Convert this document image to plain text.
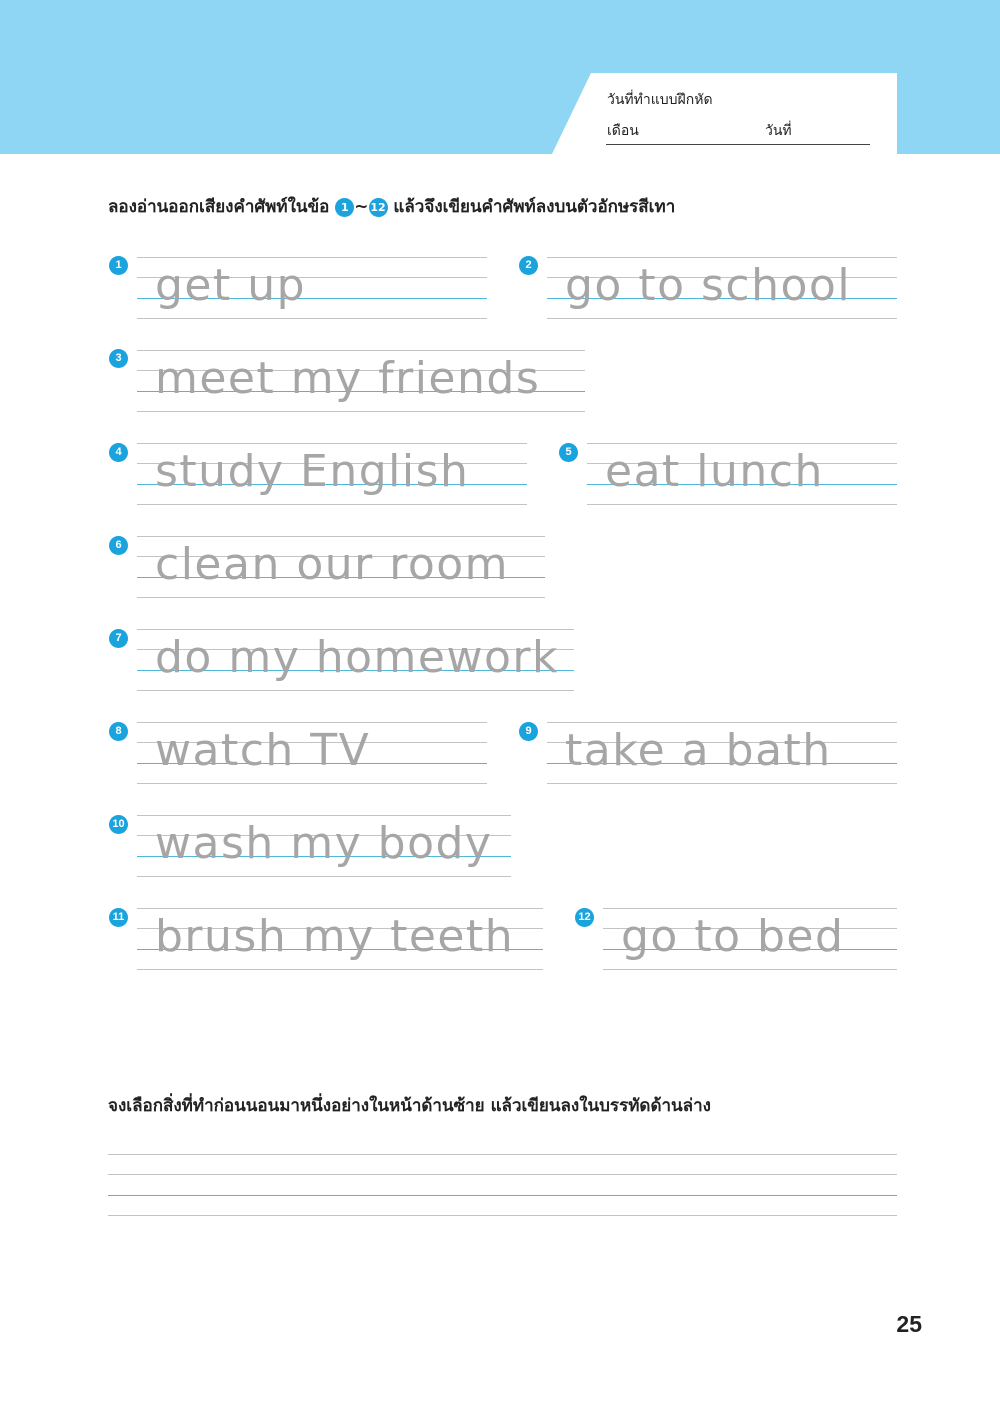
วันที่ทำแบบฝึกหัด
เดือน	วันที่
ลองอ่านออกเสียงคำศัพท์ในข้อ 1 ~ 12 แล้วจึงเขียนคำศัพท์ลงบนตัวอักษรสีเทา
1 get up	2 go to school
3 meet my friends
4 study English	5 eat lunch
6 clean our room
7 do my homework
8 watch TV	9 take a bath
10 wash my body
11 brush my teeth	12 go to bed
จงเลือกสิ่งที่ทำก่อนนอนมาหนึ่งอย่างในหน้าด้านซ้าย แล้วเขียนลงในบรรทัดด้านล่าง
25
